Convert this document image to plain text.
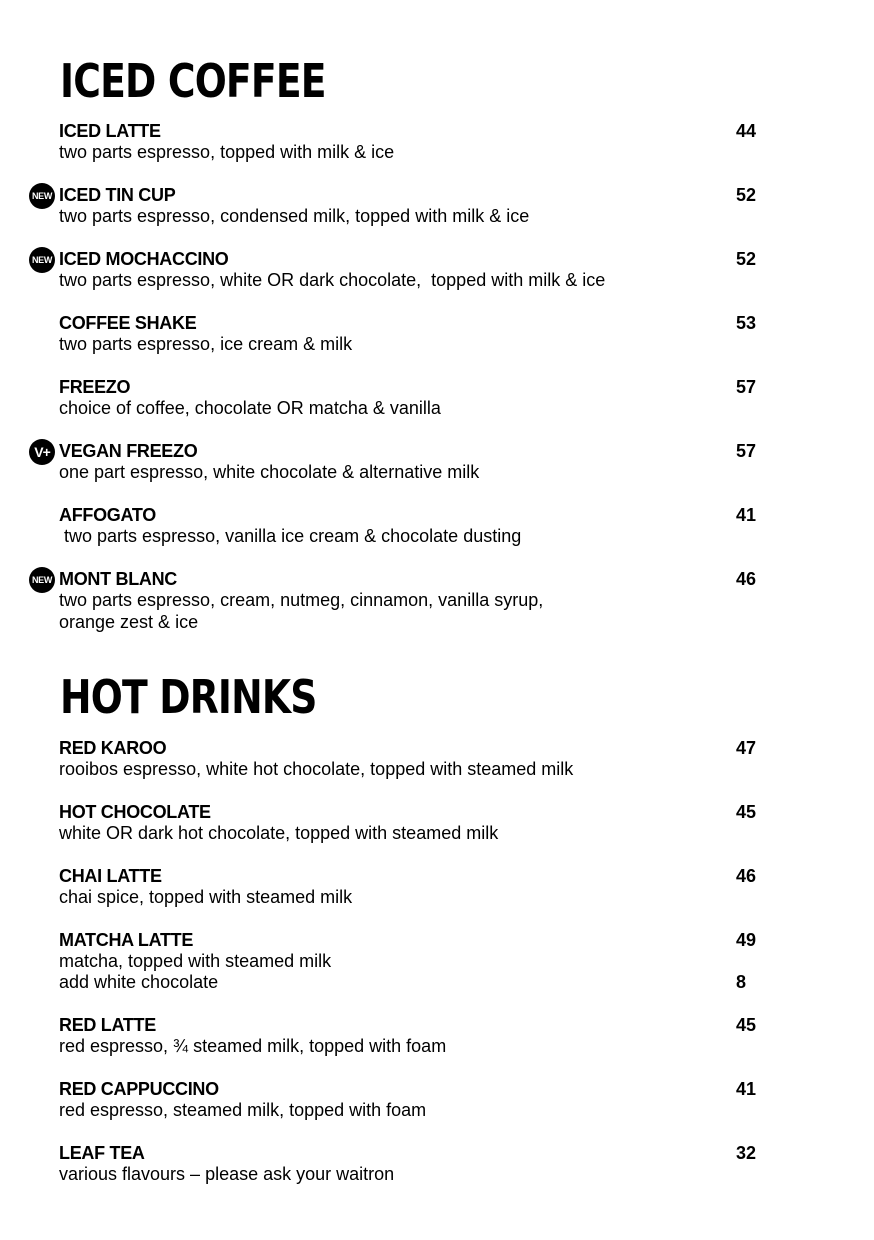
ICED COFFEE
ICED LATTE	44
two parts espresso, topped with milk & ice
NEW ICED TIN CUP	52
two parts espresso, condensed milk, topped with milk & ice
NEW ICED MOCHACCINO	52
two parts espresso, white OR dark chocolate,  topped with milk & ice
COFFEE SHAKE	53
two parts espresso, ice cream & milk
FREEZO	57
choice of coffee, chocolate OR matcha & vanilla
V+ VEGAN FREEZO	57
one part espresso, white chocolate & alternative milk
AFFOGATO	41
two parts espresso, vanilla ice cream & chocolate dusting
NEW MONT BLANC	46
two parts espresso, cream, nutmeg, cinnamon, vanilla syrup,
orange zest & ice
HOT DRINKS
RED KAROO	47
rooibos espresso, white hot chocolate, topped with steamed milk
HOT CHOCOLATE	45
white OR dark hot chocolate, topped with steamed milk
CHAI LATTE	46
chai spice, topped with steamed milk
MATCHA LATTE	49
matcha, topped with steamed milk
add white chocolate	8
RED LATTE	45
red espresso, ¾ steamed milk, topped with foam
RED CAPPUCCINO	41
red espresso, steamed milk, topped with foam
LEAF TEA	32
various flavours – please ask your waitron
